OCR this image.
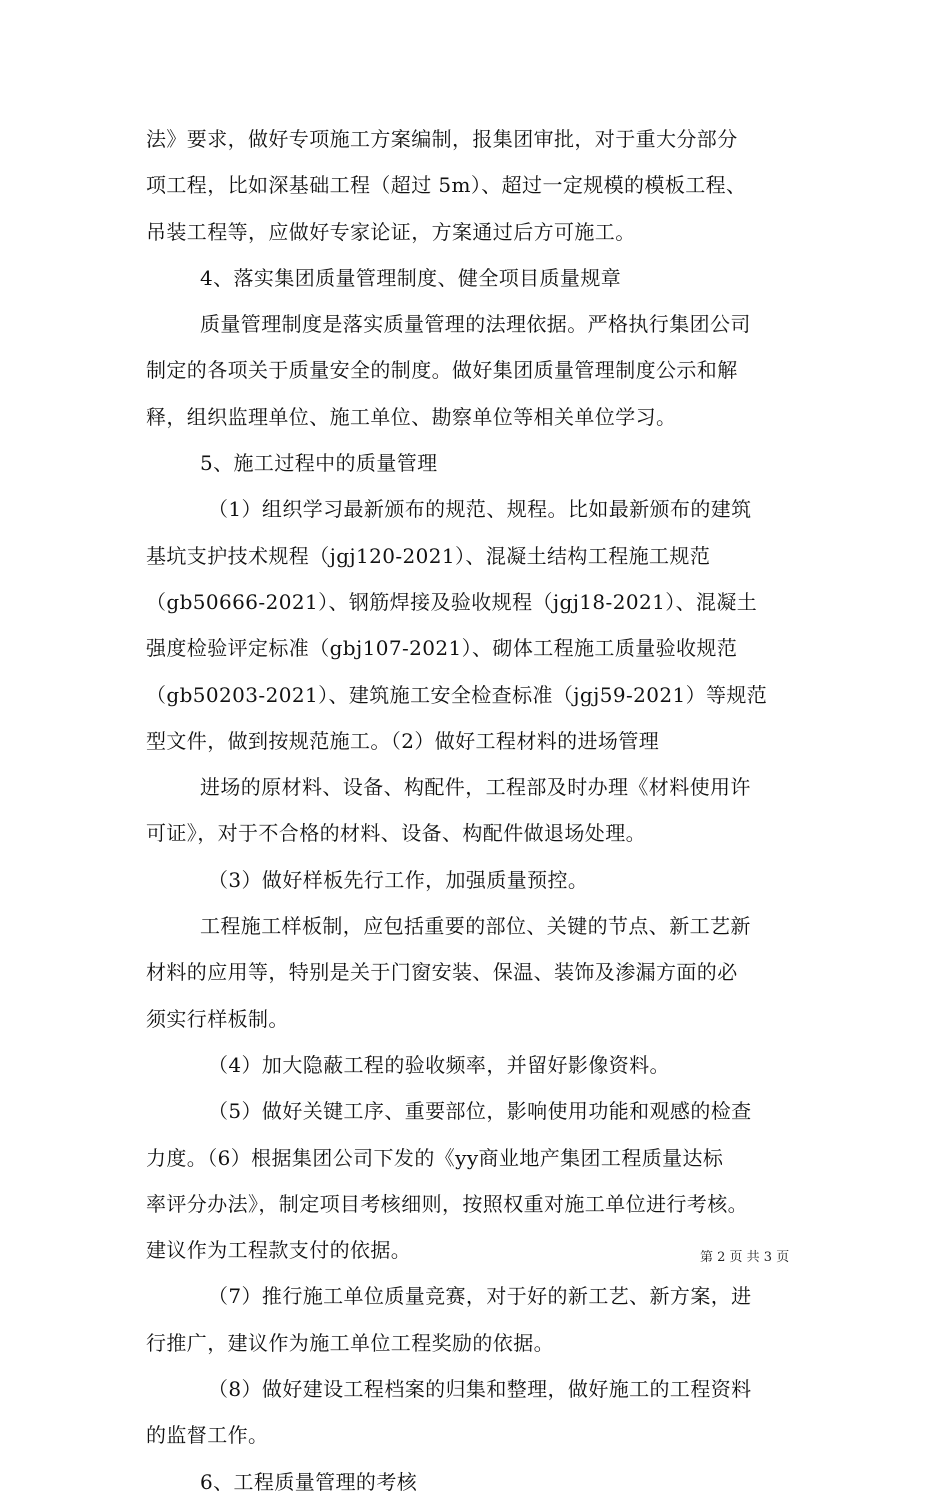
法》要求，做好专项施工方案编制，报集团审批，对于重大分部分
项工程，比如深基础工程（超过 5m）、超过一定规模的模板工程、
吊装工程等，应做好专家论证，方案通过后方可施工。
4、落实集团质量管理制度、健全项目质量规章
质量管理制度是落实质量管理的法理依据。严格执行集团公司
制定的各项关于质量安全的制度。做好集团质量管理制度公示和解
释，组织监理单位、施工单位、勘察单位等相关单位学习。
5、施工过程中的质量管理
（1）组织学习最新颁布的规范、规程。比如最新颁布的建筑
基坑支护技术规程（jgj120-2021）、混凝土结构工程施工规范
（gb50666-2021）、钢筋焊接及验收规程（jgj18-2021）、混凝土
强度检验评定标准（gbj107-2021）、砌体工程施工质量验收规范
（gb50203-2021）、建筑施工安全检查标准（jgj59-2021）等规范
型文件，做到按规范施工。（2）做好工程材料的进场管理
进场的原材料、设备、构配件，工程部及时办理《材料使用许
可证》，对于不合格的材料、设备、构配件做退场处理。
（3）做好样板先行工作，加强质量预控。
工程施工样板制，应包括重要的部位、关键的节点、新工艺新
材料的应用等，特别是关于门窗安装、保温、装饰及渗漏方面的必
须实行样板制。
（4）加大隐蔽工程的验收频率，并留好影像资料。
（5）做好关键工序、重要部位，影响使用功能和观感的检查
力度。（6）根据集团公司下发的《yy商业地产集团工程质量达标
率评分办法》，制定项目考核细则，按照权重对施工单位进行考核。
建议作为工程款支付的依据。
（7）推行施工单位质量竞赛，对于好的新工艺、新方案，进
行推广，建议作为施工单位工程奖励的依据。
（8）做好建设工程档案的归集和整理，做好施工的工程资料
的监督工作。
6、工程质量管理的考核
第 2 页 共 3 页
